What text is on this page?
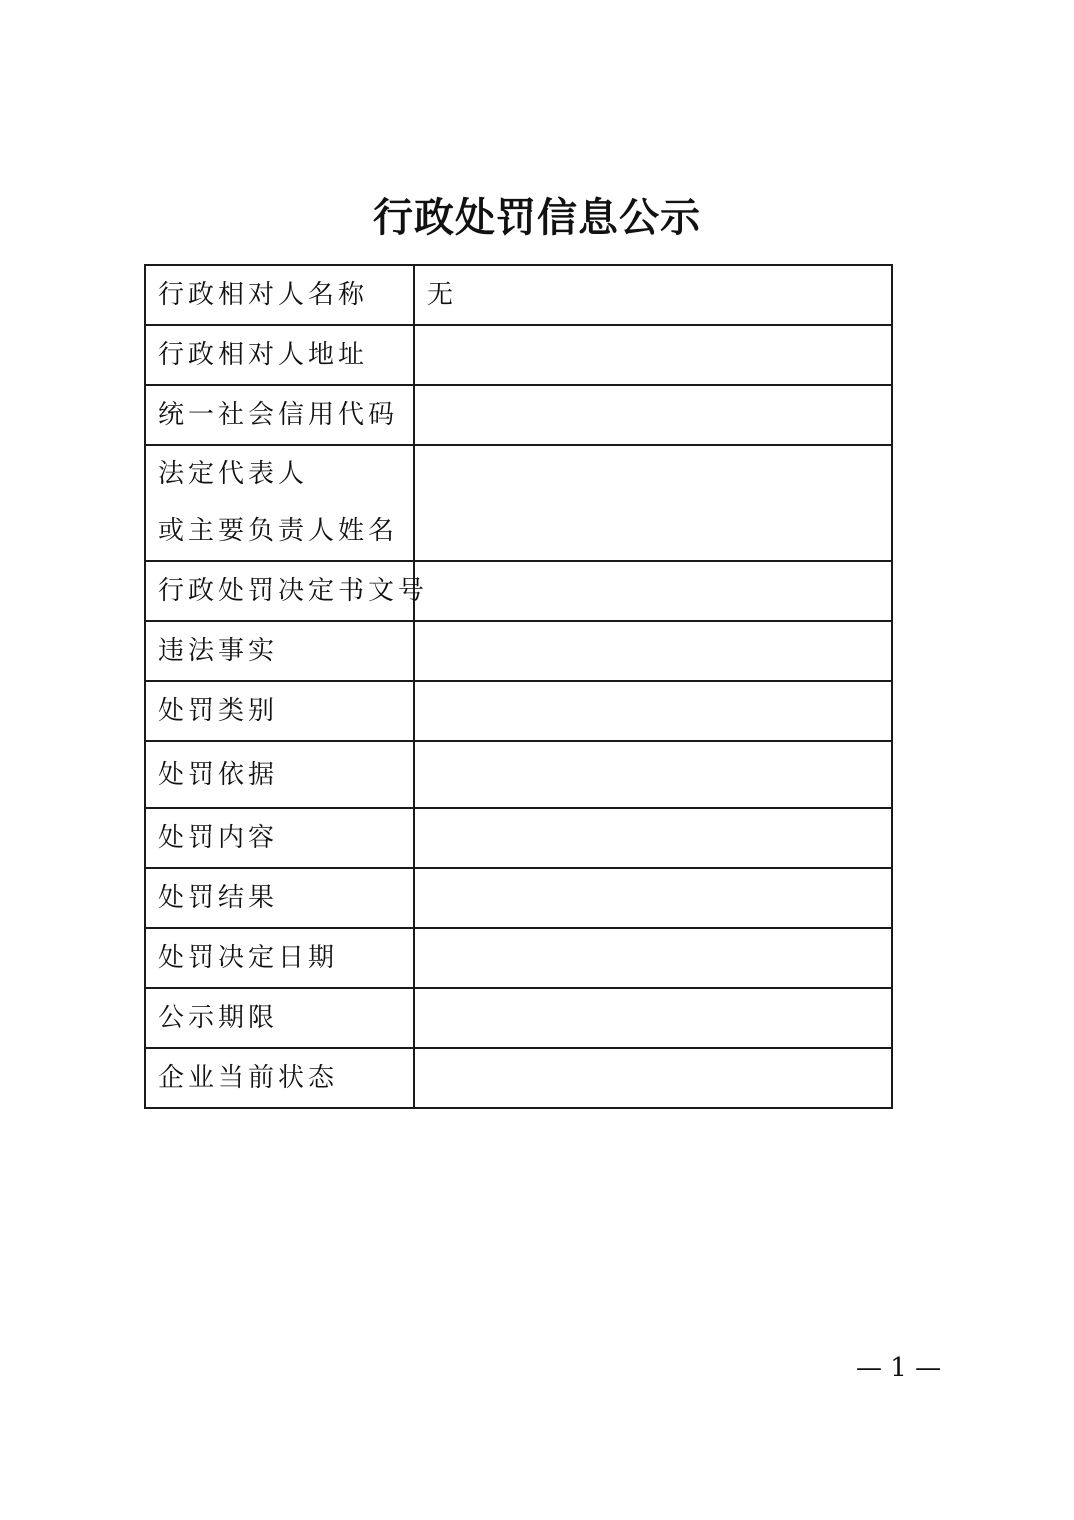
行政处罚信息公示
行政相对人名称	无
行政相对人地址	
统一社会信用代码	

法定代表人
或主要负责人姓名	

行政处罚决定书文号	
违法事实	
处罚类别	
处罚依据	
处罚内容	
处罚结果	
处罚决定日期	
公示期限	
企业当前状态	
— 1 —
